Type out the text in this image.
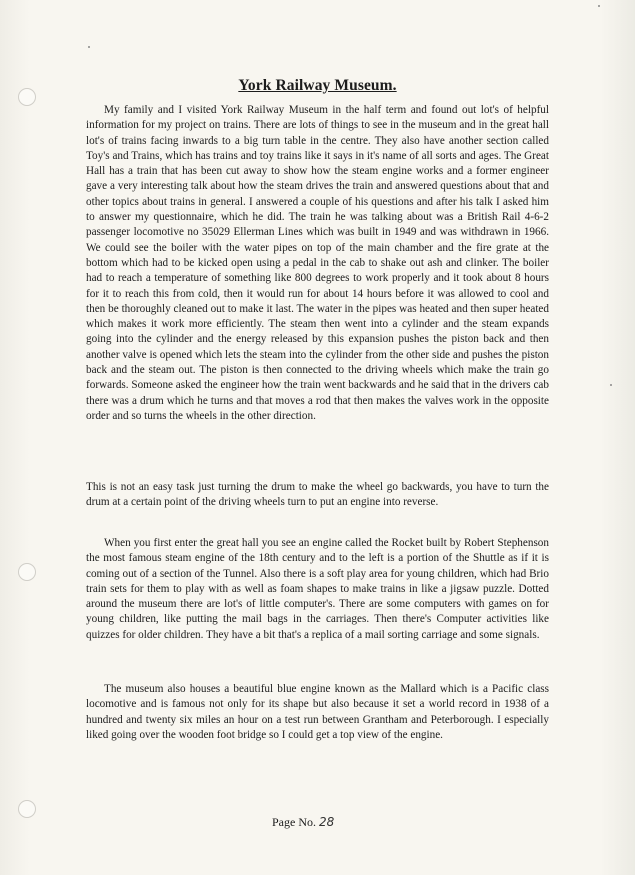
York Railway Museum.

My family and I visited York Railway Museum in the half term and found out lot's of helpful information for my project on trains. There are lots of things to see in the museum and in the great hall lot's of trains facing inwards to a big turn table in the centre. They also have another section called Toy's and Trains, which has trains and toy trains like it says in it's name of all sorts and ages. The Great Hall has a train that has been cut away to show how the steam engine works and a former engineer gave a very interesting talk about how the steam drives the train and answered questions about that and other topics about trains in general. I answered a couple of his questions and after his talk I asked him to answer my questionnaire, which he did. The train he was talking about was a British Rail 4-6-2 passenger locomotive no 35029 Ellerman Lines which was built in 1949 and was withdrawn in 1966. We could see the boiler with the water pipes on top of the main chamber and the fire grate at the bottom which had to be kicked open using a pedal in the cab to shake out ash and clinker. The boiler had to reach a temperature of something like 800 degrees to work properly and it took about 8 hours for it to reach this from cold, then it would run for about 14 hours before it was allowed to cool and then be thoroughly cleaned out to make it last. The water in the pipes was heated and then super heated which makes it work more efficiently. The steam then went into a cylinder and the steam expands going into the cylinder and the energy released by this expansion pushes the piston back and then another valve is opened which lets the steam into the cylinder from the other side and pushes the piston back and the steam out. The piston is then connected to the driving wheels which make the train go forwards. Someone asked the engineer how the train went backwards and he said that in the drivers cab there was a drum which he turns and that moves a rod that then makes the valves work in the opposite order and so turns the wheels in the other direction.

This is not an easy task just turning the drum to make the wheel go backwards, you have to turn the drum at a certain point of the driving wheels turn to put an engine into reverse.

When you first enter the great hall you see an engine called the Rocket built by Robert Stephenson the most famous steam engine of the 18th century and to the left is a portion of the Shuttle as if it is coming out of a section of the Tunnel. Also there is a soft play area for young children, which had Brio train sets for them to play with as well as foam shapes to make trains in like a jigsaw puzzle. Dotted around the museum there are lot's of little computer's. There are some computers with games on for young children, like putting the mail bags in the carriages. Then there's Computer activities like quizzes for older children. They have a bit that's a replica of a mail sorting carriage and some signals.

The museum also houses a beautiful blue engine known as the Mallard which is a Pacific class locomotive and is famous not only for its shape but also because it set a world record in 1938 of a hundred and twenty six miles an hour on a test run between Grantham and Peterborough. I especially liked going over the wooden foot bridge so I could get a top view of the engine.

Page No. 28
